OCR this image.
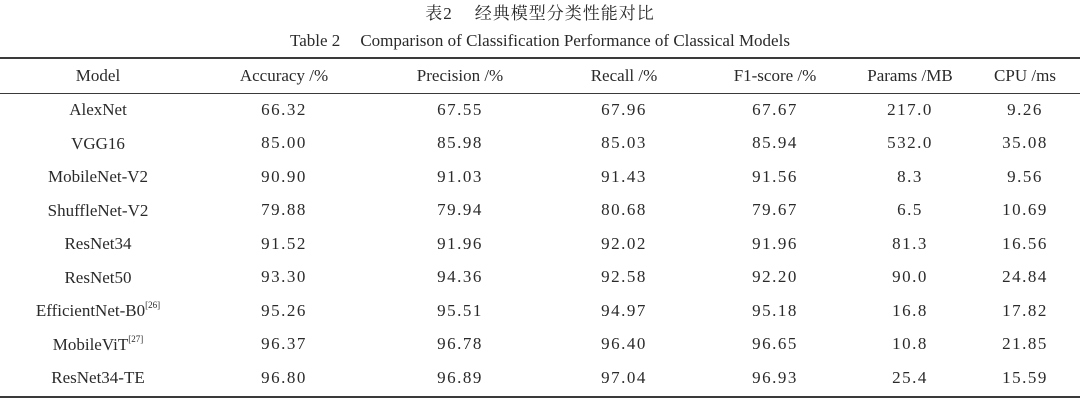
表2 经典模型分类性能对比
Table 2 Comparison of Classification Performance of Classical Models
Model	Accuracy /%	Precision /%	Recall /%	F1-score /%	Params /MB	CPU /ms
AlexNet	66.32	67.55	67.96	67.67	217.0	9.26
VGG16	85.00	85.98	85.03	85.94	532.0	35.08
MobileNet-V2	90.90	91.03	91.43	91.56	8.3	9.56
ShuffleNet-V2	79.88	79.94	80.68	79.67	6.5	10.69
ResNet34	91.52	91.96	92.02	91.96	81.3	16.56
ResNet50	93.30	94.36	92.58	92.20	90.0	24.84
EfficientNet-B0[26]	95.26	95.51	94.97	95.18	16.8	17.82
MobileViT[27]	96.37	96.78	96.40	96.65	10.8	21.85
ResNet34-TE	96.80	96.89	97.04	96.93	25.4	15.59
